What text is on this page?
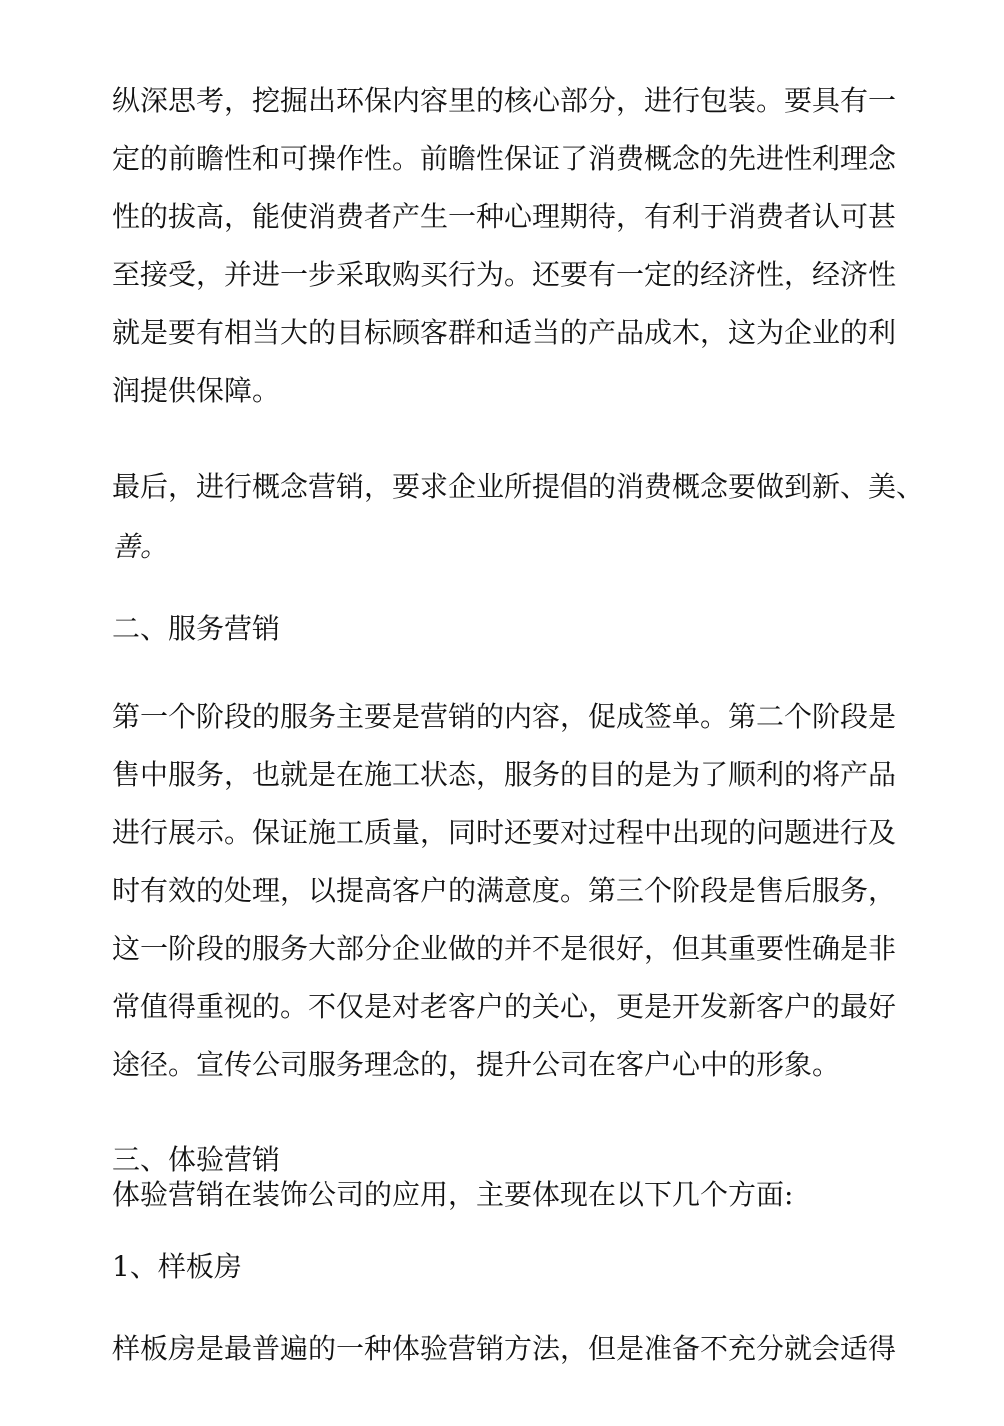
纵深思考，挖掘出环保内容里的核心部分，进行包装。要具有一
定的前瞻性和可操作性。前瞻性保证了消费概念的先进性利理念
性的拔高，能使消费者产生一种心理期待，有利于消费者认可甚
至接受，并进一步采取购买行为。还要有一定的经济性，经济性
就是要有相当大的目标顾客群和适当的产品成木，这为企业的利
润提供保障。
最后，进行概念营销，要求企业所提倡的消费概念要做到新、美、
善。
二、服务营销
第一个阶段的服务主要是营销的内容，促成签单。第二个阶段是
售中服务，也就是在施工状态，服务的目的是为了顺利的将产品
进行展示。保证施工质量，同时还要对过程中出现的问题进行及
时有效的处理，以提高客户的满意度。第三个阶段是售后服务，
这一阶段的服务大部分企业做的并不是很好，但其重要性确是非
常值得重视的。不仅是对老客户的关心，更是开发新客户的最好
途径。宣传公司服务理念的，提升公司在客户心中的形象。
三、体验营销
体验营销在装饰公司的应用，主要体现在以下几个方面:
1、样板房
样板房是最普遍的一种体验营销方法，但是准备不充分就会适得
